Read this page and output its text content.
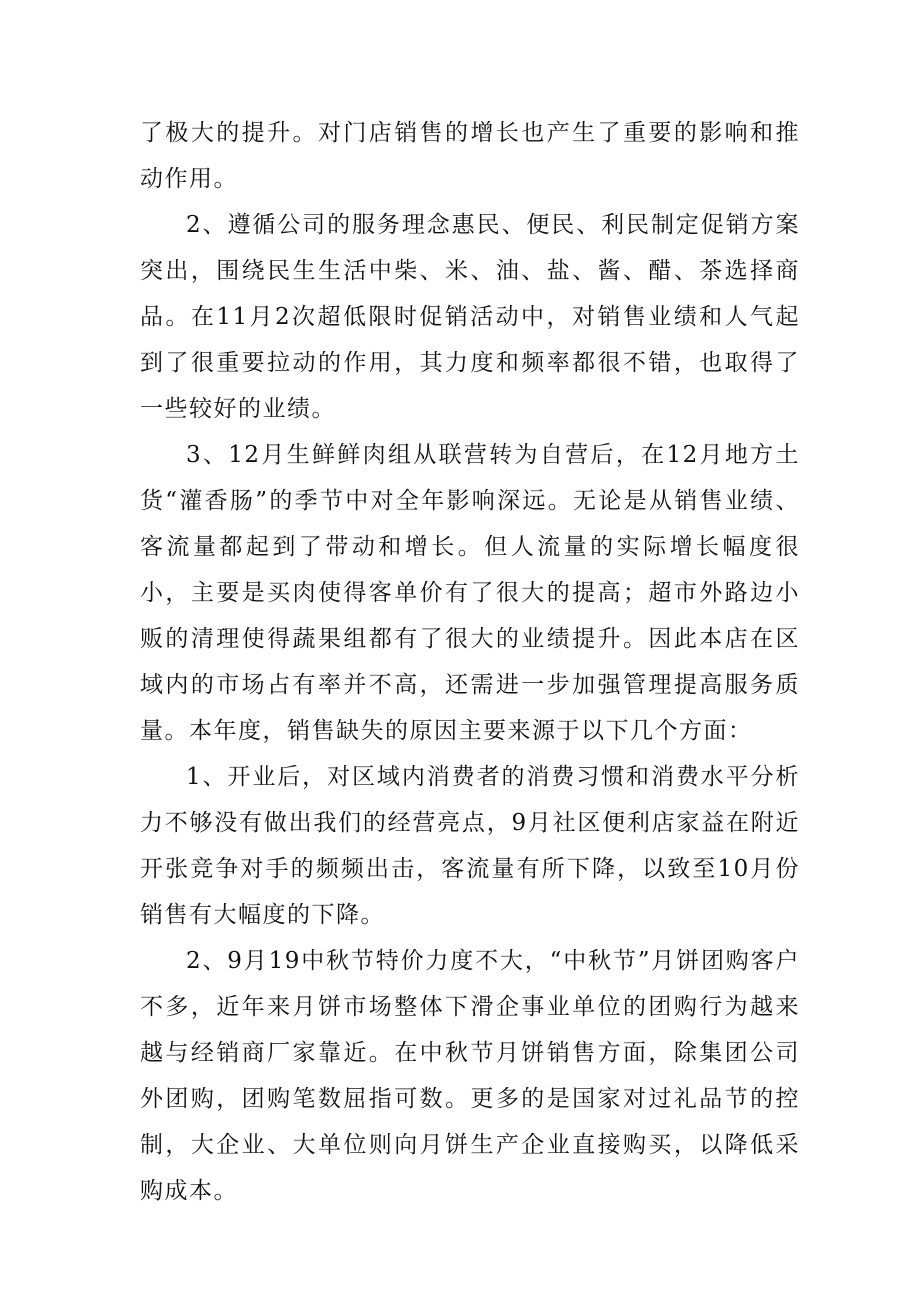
了极大的提升。对门店销售的增长也产生了重要的影响和推动作用。

2、遵循公司的服务理念惠民、便民、利民制定促销方案突出，围绕民生生活中柴、米、油、盐、酱、醋、茶选择商品。在11月2次超低限时促销活动中，对销售业绩和人气起到了很重要拉动的作用，其力度和频率都很不错，也取得了一些较好的业绩。

3、12月生鲜鲜肉组从联营转为自营后，在12月地方土货“灌香肠”的季节中对全年影响深远。无论是从销售业绩、客流量都起到了带动和增长。但人流量的实际增长幅度很小，主要是买肉使得客单价有了很大的提高；超市外路边小贩的清理使得蔬果组都有了很大的业绩提升。因此本店在区域内的市场占有率并不高，还需进一步加强管理提高服务质量。本年度，销售缺失的原因主要来源于以下几个方面：

1、开业后，对区域内消费者的消费习惯和消费水平分析力不够没有做出我们的经营亮点，9月社区便利店家益在附近开张竞争对手的频频出击，客流量有所下降，以致至10月份销售有大幅度的下降。

2、9月19中秋节特价力度不大，“中秋节”月饼团购客户不多，近年来月饼市场整体下滑企事业单位的团购行为越来越与经销商厂家靠近。在中秋节月饼销售方面，除集团公司外团购，团购笔数屈指可数。更多的是国家对过礼品节的控制，大企业、大单位则向月饼生产企业直接购买，以降低采购成本。
